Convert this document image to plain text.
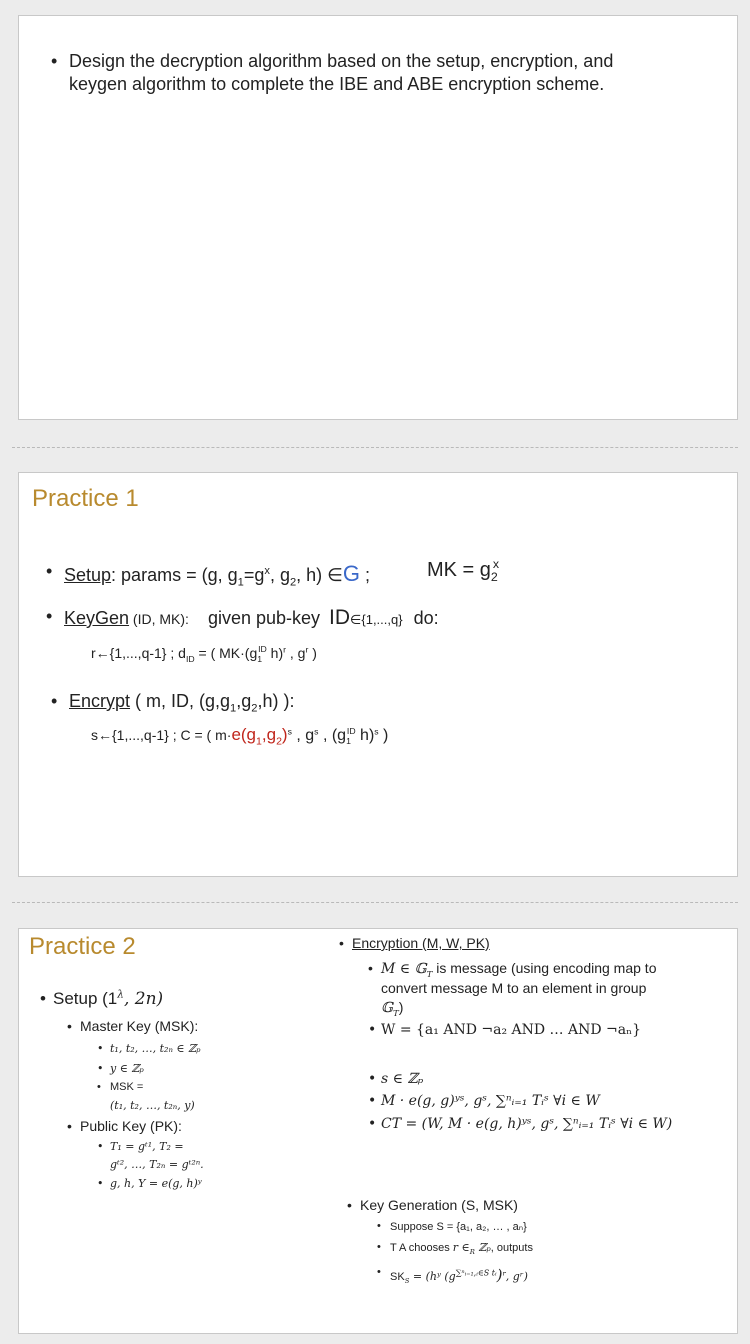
• Design the decryption algorithm based on the setup, encryption, and
keygen algorithm to complete the IBE and ABE encryption scheme.
Practice 1
• Setup: params = (g, $g_1=g^x$, $g_2$, h) ∈G ;	MK = $g_2^x$
• KeyGen (ID, MK): given pub-key ID∈{1,...,q} do:
r←{1,...,q-1} ; $d_{ID}$ = ( $MK\cdot(g_1^{ID}$ h)$^r$ , $g^r$ )
• Encrypt ( m, ID, $(g,g_1,g_2,h)$ ):
s←{1,...,q-1} ; C = ( $m\cdot e(g_1,g_2)^s$ , $g^s$ , ($g_1^{ID}$ h)$^s$ )
Practice 2
• Setup ($1^\lambda$, 2n)
• Master Key (MSK):
• t₁, t₂, …, t₂ₙ ∈ ℤₚ
• y ∈ ℤₚ
• MSK =
(t₁, t₂, …, t₂ₙ, y)
• Public Key (PK):
• T₁ = gᵗ¹, T₂ =
gᵗ², …, T₂ₙ = gᵗ²ⁿ.
• g, h, Y = e(g, h)ʸ
• Encryption (M, W, PK)
• M ∈ 𝔾$_T$ is message (using encoding map to
convert message M to an element in group
𝔾$_T$)
• W = {a₁ AND ¬a₂ AND … AND ¬aₙ}
• s ∈ ℤₚ
• M · e(g, g)ʸˢ, gˢ, ∑ⁿᵢ₌₁ Tᵢˢ ∀i ∈ W
• CT = (W, M · e(g, h)ʸˢ, gˢ, ∑ⁿᵢ₌₁ Tᵢˢ ∀i ∈ W)
• Key Generation (S, MSK)
• Suppose S = {a₁, a₂, … , aₙ}
• T A chooses r $\in_R$ ℤₚ, outputs
• $SK_S$ = (hʸ $(g^{\sum^nᵢ_{=1},ᵢ\in S tᵢ})^r$, gʳ)
